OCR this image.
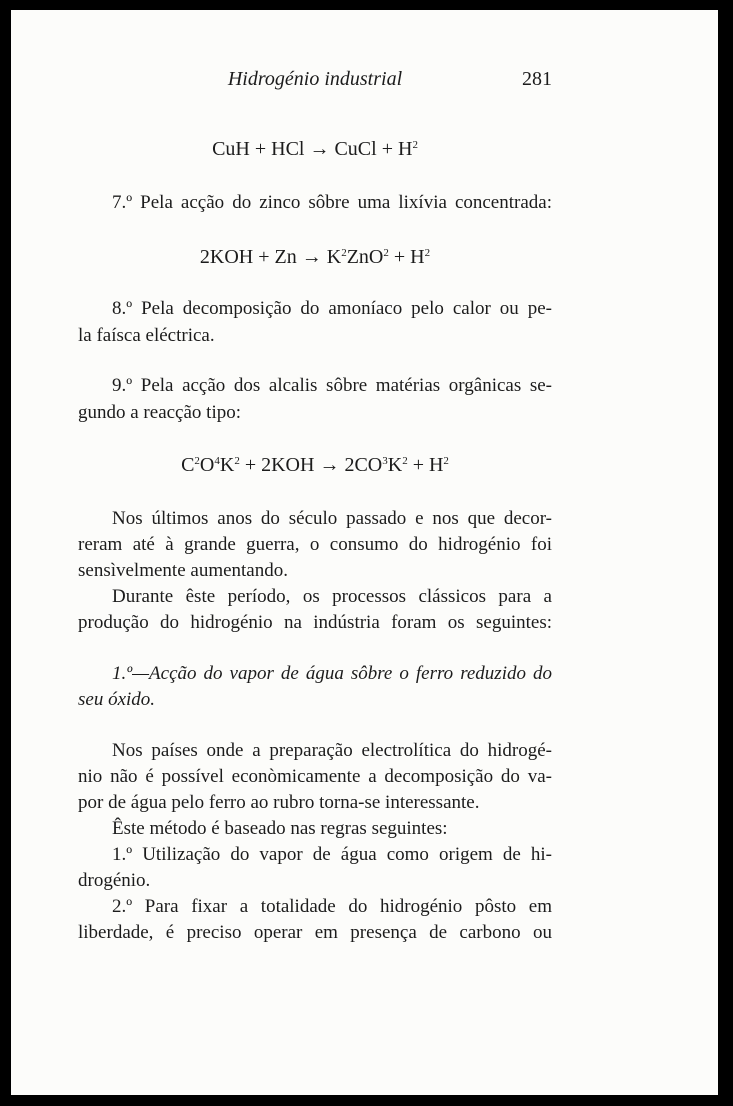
Hidrogénio industrial	281
CuH + HCl → CuCl + $H^2$
7.º Pela acção do zinco sôbre uma lixívia concentrada:
$2KOH + Zn \to K^2ZnO^2 + H^2$
8.º Pela decomposição do amoníaco pelo calor ou pe-
la faísca eléctrica.
9.º Pela acção dos alcalis sôbre matérias orgânicas se-
gundo a reacção tipo:
$C^2O^4K^2 + 2KOH \to 2CO^3K^2 + H^2$
Nos últimos anos do século passado e nos que decor-
reram até à grande guerra, o consumo do hidrogénio foi
sensìvelmente aumentando.
Durante êste período, os processos clássicos para a
produção do hidrogénio na indústria foram os seguintes:
1.º—Acção do vapor de água sôbre o ferro reduzido do
seu óxido.
Nos países onde a preparação electrolítica do hidrogé-
nio não é possível econòmicamente a decomposição do va-
por de água pelo ferro ao rubro torna-se interessante.
Êste método é baseado nas regras seguintes:
1.º Utilização do vapor de água como origem de hi-
drogénio.
2.º Para fixar a totalidade do hidrogénio pôsto em
liberdade, é preciso operar em presença de carbono ou
